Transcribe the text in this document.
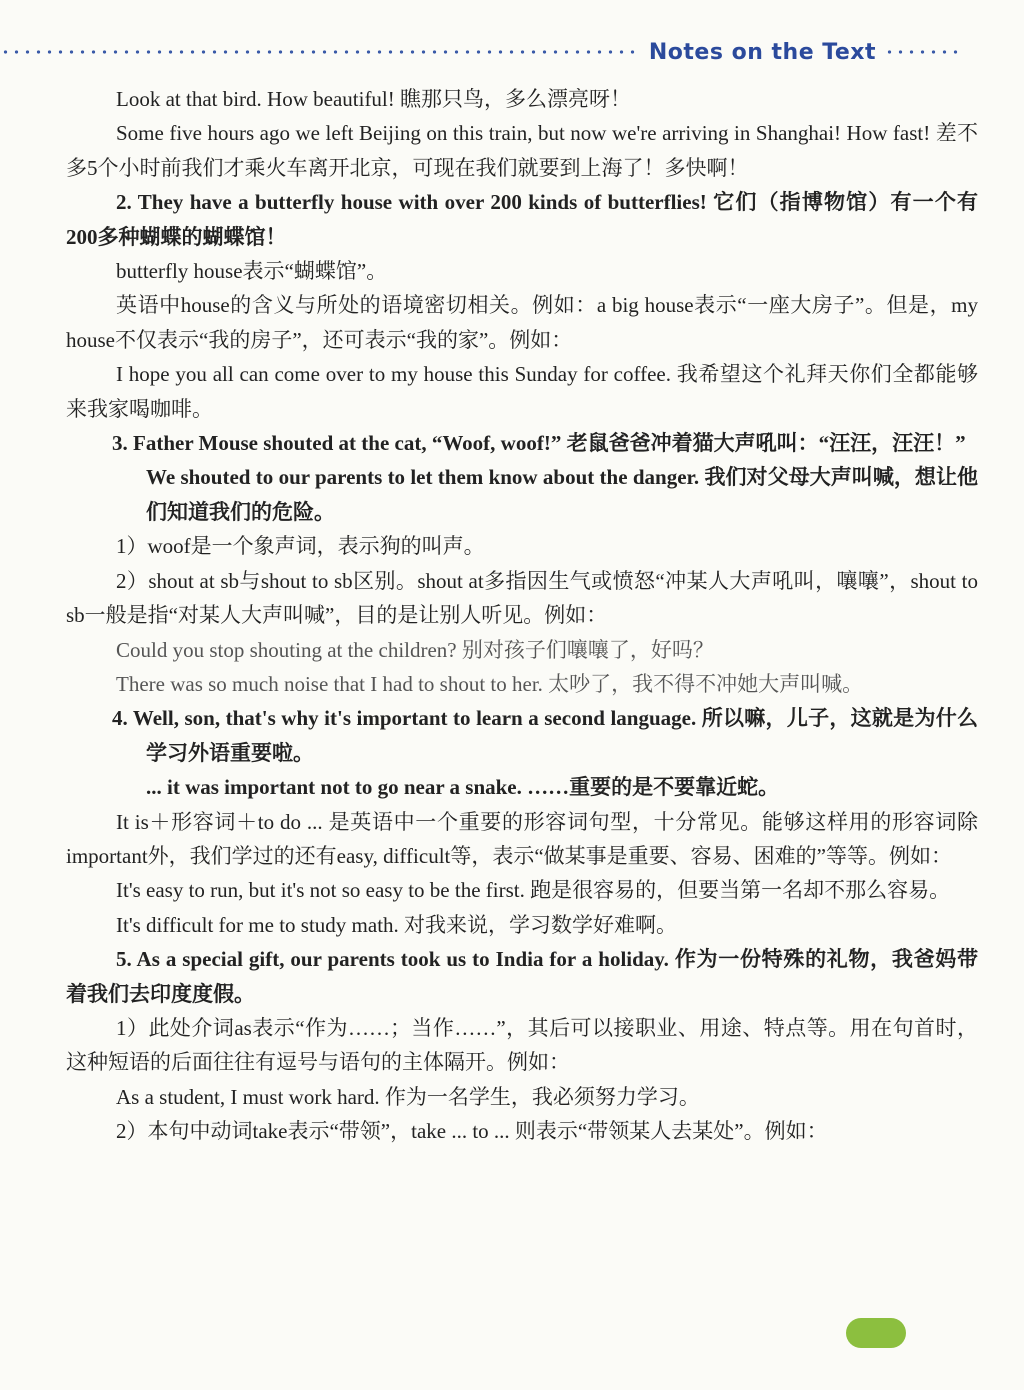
Notes on the Text

Look at that bird. How beautiful! 瞧那只鸟，多么漂亮呀！

Some five hours ago we left Beijing on this train, but now we're arriving in Shanghai! How fast! 差不多5个小时前我们才乘火车离开北京，可现在我们就要到上海了！多快啊！

2. They have a butterfly house with over 200 kinds of butterflies! 它们（指博物馆）有一个有200多种蝴蝶的蝴蝶馆！

butterfly house表示“蝴蝶馆”。

英语中house的含义与所处的语境密切相关。例如：a big house表示“一座大房子”。但是，my house不仅表示“我的房子”，还可表示“我的家”。例如：

I hope you all can come over to my house this Sunday for coffee. 我希望这个礼拜天你们全都能够来我家喝咖啡。

3. Father Mouse shouted at the cat, “Woof, woof!” 老鼠爸爸冲着猫大声吼叫：“汪汪，汪汪！”

We shouted to our parents to let them know about the danger. 我们对父母大声叫喊，想让他们知道我们的危险。

1）woof是一个象声词，表示狗的叫声。

2）shout at sb与shout to sb区别。shout at多指因生气或愤怒“冲某人大声吼叫，嚷嚷”，shout to sb一般是指“对某人大声叫喊”，目的是让别人听见。例如：

Could you stop shouting at the children? 别对孩子们嚷嚷了，好吗？

There was so much noise that I had to shout to her. 太吵了，我不得不冲她大声叫喊。

4. Well, son, that's why it's important to learn a second language. 所以嘛，儿子，这就是为什么学习外语重要啦。

... it was important not to go near a snake. ……重要的是不要靠近蛇。

It is＋形容词＋to do ... 是英语中一个重要的形容词句型，十分常见。能够这样用的形容词除important外，我们学过的还有easy, difficult等，表示“做某事是重要、容易、困难的”等等。例如：

It's easy to run, but it's not so easy to be the first. 跑是很容易的，但要当第一名却不那么容易。

It's difficult for me to study math. 对我来说，学习数学好难啊。

5. As a special gift, our parents took us to India for a holiday. 作为一份特殊的礼物，我爸妈带着我们去印度度假。

1）此处介词as表示“作为……；当作……”，其后可以接职业、用途、特点等。用在句首时，这种短语的后面往往有逗号与语句的主体隔开。例如：

As a student, I must work hard. 作为一名学生，我必须努力学习。

2）本句中动词take表示“带领”，take ... to ... 则表示“带领某人去某处”。例如：
